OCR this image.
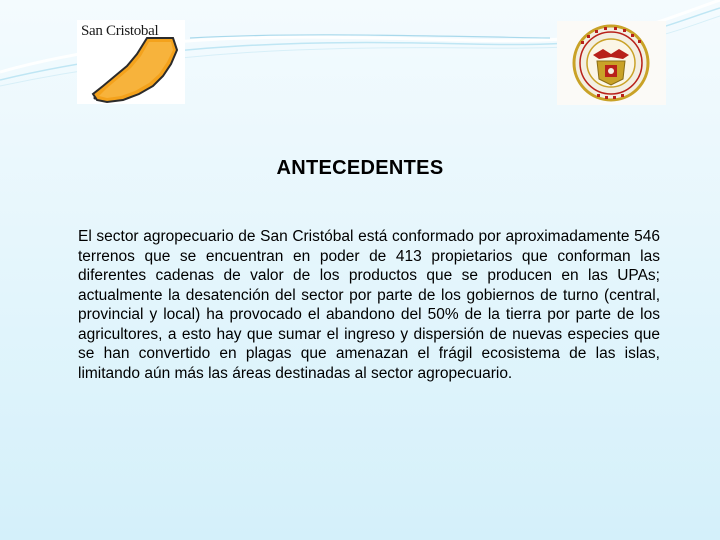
San Cristobal
ANTECEDENTES
El sector agropecuario de San Cristóbal está conformado por aproximadamente 546 terrenos que se encuentran en poder de 413 propietarios que conforman las diferentes cadenas de valor de los productos que se producen en las UPAs; actualmente la desatención del sector por parte de los gobiernos de turno (central, provincial y local) ha provocado el abandono del 50% de la tierra por parte de los agricultores, a esto hay que sumar el ingreso y dispersión de nuevas especies que se han convertido en plagas que amenazan el frágil ecosistema de las islas, limitando aún más las áreas destinadas al sector agropecuario.
